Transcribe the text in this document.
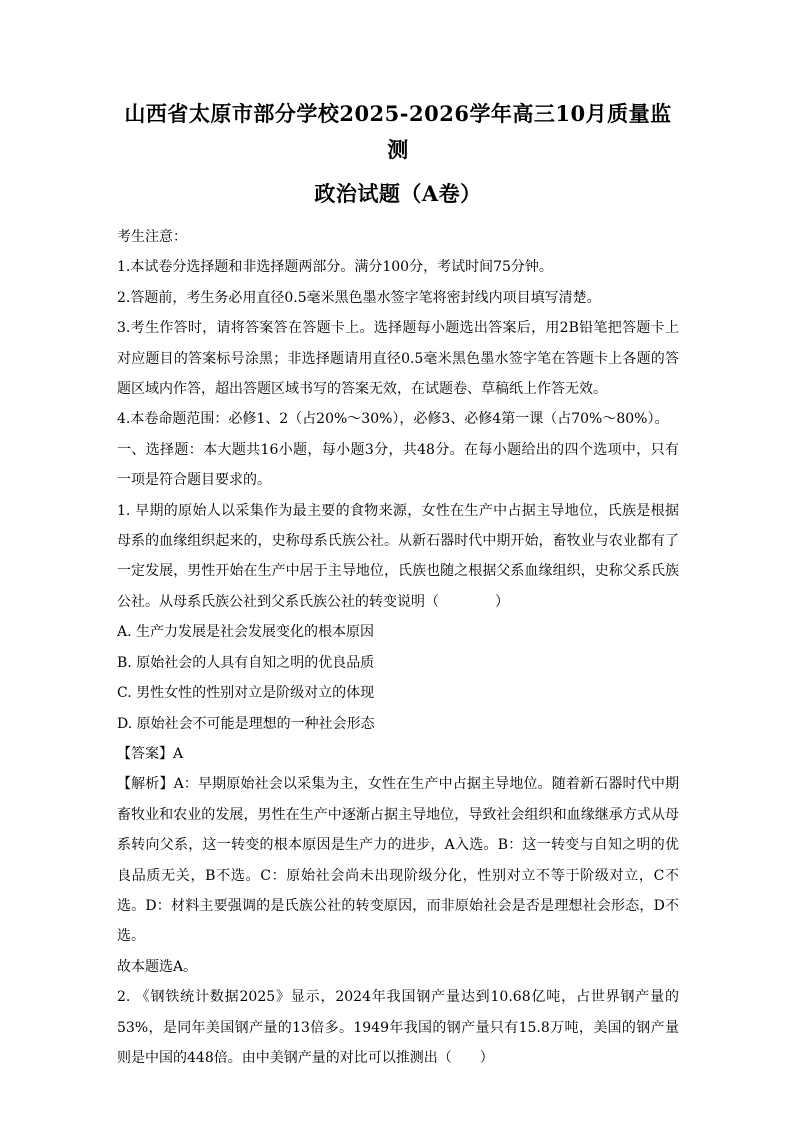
山西省太原市部分学校2025-2026学年高三10月质量监测
政治试题（A卷）

考生注意：

1.本试卷分选择题和非选择题两部分。满分100分，考试时间75分钟。

2.答题前，考生务必用直径0.5毫米黑色墨水签字笔将密封线内项目填写清楚。

3.考生作答时，请将答案答在答题卡上。选择题每小题选出答案后，用2B铅笔把答题卡上对应题目的答案标号涂黑；非选择题请用直径0.5毫米黑色墨水签字笔在答题卡上各题的答题区域内作答，超出答题区域书写的答案无效，在试题卷、草稿纸上作答无效。

4.本卷命题范围：必修1、2（占20%～30%），必修3、必修4第一课（占70%～80%）。

一、选择题：本大题共16小题，每小题3分，共48分。在每小题给出的四个选项中，只有一项是符合题目要求的。

1. 早期的原始人以采集作为最主要的食物来源，女性在生产中占据主导地位，氏族是根据母系的血缘组织起来的，史称母系氏族公社。从新石器时代中期开始，畜牧业与农业都有了一定发展，男性开始在生产中居于主导地位，氏族也随之根据父系血缘组织，史称父系氏族公社。从母系氏族公社到父系氏族公社的转变说明（　　　　）

A. 生产力发展是社会发展变化的根本原因

B. 原始社会的人具有自知之明的优良品质

C. 男性女性的性别对立是阶级对立的体现

D. 原始社会不可能是理想的一种社会形态

【答案】A

【解析】A：早期原始社会以采集为主，女性在生产中占据主导地位。随着新石器时代中期畜牧业和农业的发展，男性在生产中逐渐占据主导地位，导致社会组织和血缘继承方式从母系转向父系，这一转变的根本原因是生产力的进步，A入选。B：这一转变与自知之明的优良品质无关，B不选。C：原始社会尚未出现阶级分化，性别对立不等于阶级对立，C不选。D：材料主要强调的是氏族公社的转变原因，而非原始社会是否是理想社会形态，D不选。

故本题选A。

2. 《钢铁统计数据2025》显示，2024年我国钢产量达到10.68亿吨，占世界钢产量的53%，是同年美国钢产量的13倍多。1949年我国的钢产量只有15.8万吨，美国的钢产量则是中国的448倍。由中美钢产量的对比可以推测出（　　）
